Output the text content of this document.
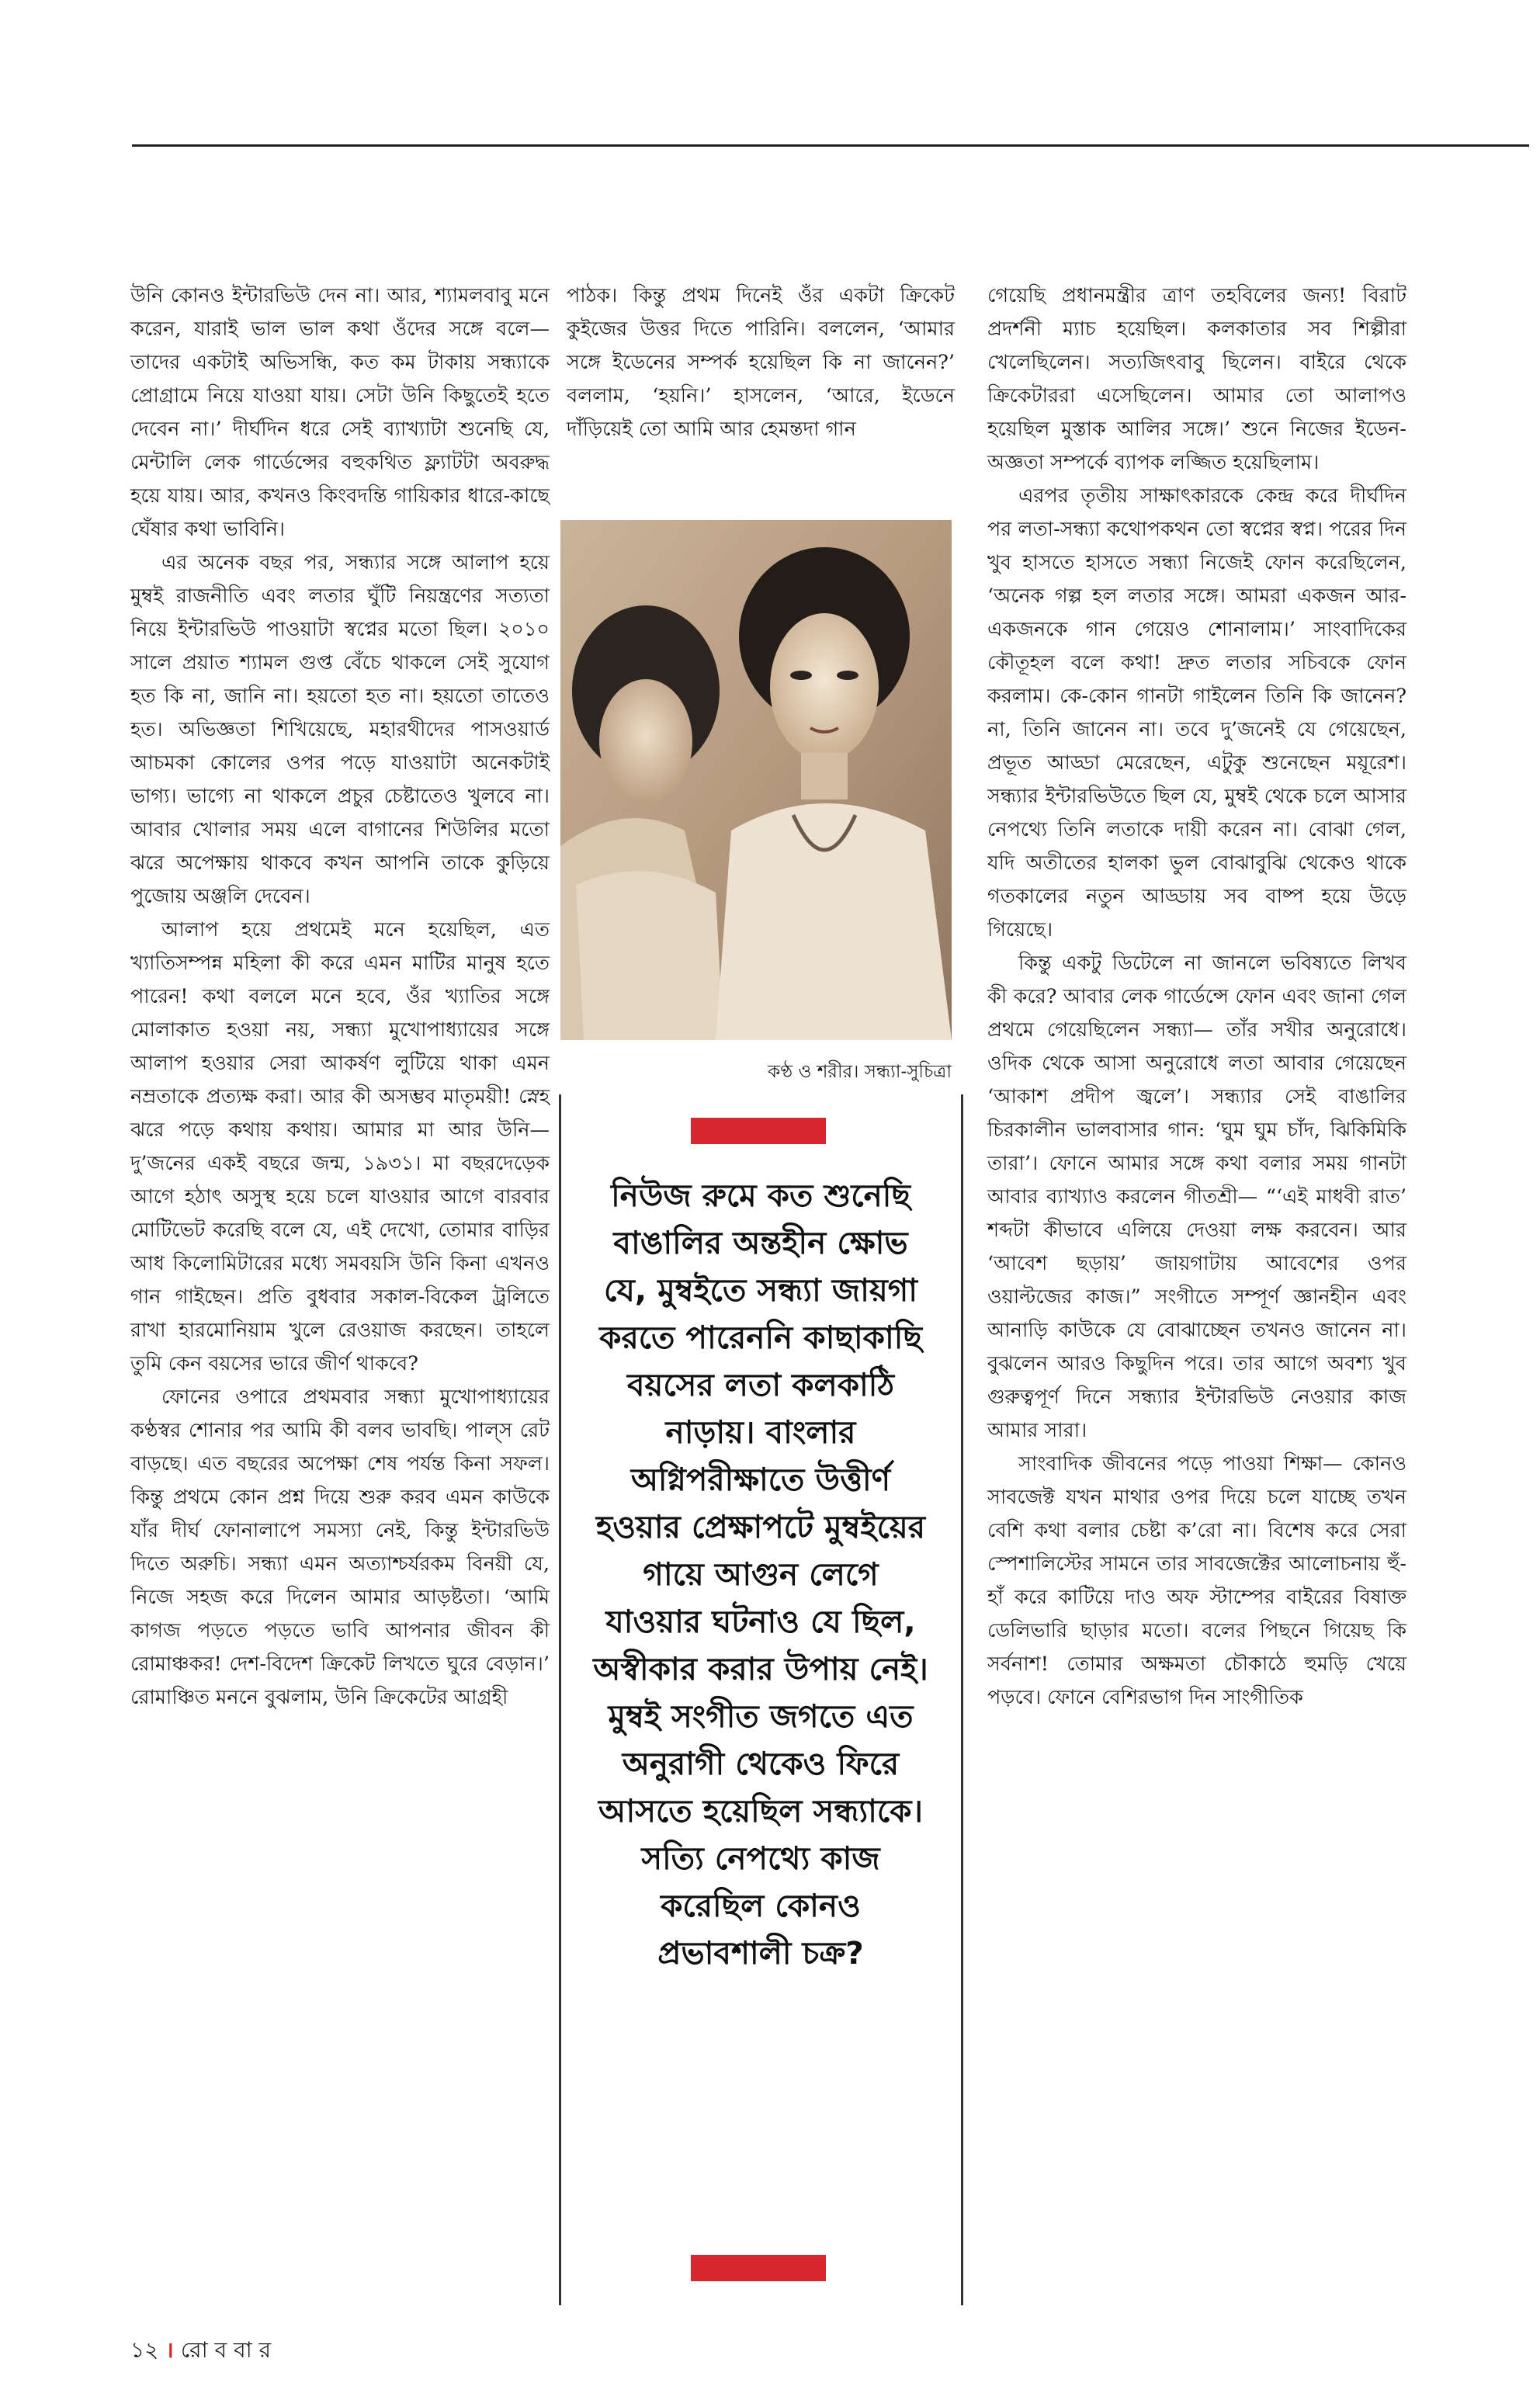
উনি কোনও ইন্টারভিউ দেন না। আর, শ্যামলবাবু মনে করেন, যারাই ভাল ভাল কথা ওঁদের সঙ্গে বলে— তাদের একটাই অভিসন্ধি, কত কম টাকায় সন্ধ্যাকে প্রোগ্রামে নিয়ে যাওয়া যায়। সেটা উনি কিছুতেই হতে দেবেন না।’ দীর্ঘদিন ধরে সেই ব্যাখ্যাটা শুনেছি যে, মেন্টালি লেক গার্ডেন্সের বহুকথিত ফ্ল্যাটটা অবরুদ্ধ হয়ে যায়। আর, কখনও কিংবদন্তি গায়িকার ধারে-কাছে ঘেঁষার কথা ভাবিনি।

এর অনেক বছর পর, সন্ধ্যার সঙ্গে আলাপ হয়ে মুম্বই রাজনীতি এবং লতার ঘুঁটি নিয়ন্ত্রণের সত্যতা নিয়ে ইন্টারভিউ পাওয়াটা স্বপ্নের মতো ছিল। ২০১০ সালে প্রয়াত শ্যামল গুপ্ত বেঁচে থাকলে সেই সুযোগ হত কি না, জানি না। হয়তো হত না। হয়তো তাতেও হত। অভিজ্ঞতা শিখিয়েছে, মহারথীদের পাসওয়ার্ড আচমকা কোলের ওপর পড়ে যাওয়াটা অনেকটাই ভাগ্য। ভাগ্যে না থাকলে প্রচুর চেষ্টাতেও খুলবে না। আবার খোলার সময় এলে বাগানের শিউলির মতো ঝরে অপেক্ষায় থাকবে কখন আপনি তাকে কুড়িয়ে পুজোয় অঞ্জলি দেবেন।

আলাপ হয়ে প্রথমেই মনে হয়েছিল, এত খ্যাতিসম্পন্ন মহিলা কী করে এমন মাটির মানুষ হতে পারেন! কথা বললে মনে হবে, ওঁর খ্যাতির সঙ্গে মোলাকাত হওয়া নয়, সন্ধ্যা মুখোপাধ্যায়ের সঙ্গে আলাপ হওয়ার সেরা আকর্ষণ লুটিয়ে থাকা এমন নম্রতাকে প্রত্যক্ষ করা। আর কী অসম্ভব মাতৃময়ী! স্নেহ ঝরে পড়ে কথায় কথায়। আমার মা আর উনি— দু’জনের একই বছরে জন্ম, ১৯৩১। মা বছরদেড়েক আগে হঠাৎ অসুস্থ হয়ে চলে যাওয়ার আগে বারবার মোটিভেট করেছি বলে যে, এই দেখো, তোমার বাড়ির আধ কিলোমিটারের মধ্যে সমবয়সি উনি কিনা এখনও গান গাইছেন। প্রতি বুধবার সকাল-বিকেল ট্রলিতে রাখা হারমোনিয়াম খুলে রেওয়াজ করছেন। তাহলে তুমি কেন বয়সের ভারে জীর্ণ থাকবে?

ফোনের ওপারে প্রথমবার সন্ধ্যা মুখোপাধ্যায়ের কণ্ঠস্বর শোনার পর আমি কী বলব ভাবছি। পাল্স রেট বাড়ছে। এত বছরের অপেক্ষা শেষ পর্যন্ত কিনা সফল। কিন্তু প্রথমে কোন প্রশ্ন দিয়ে শুরু করব এমন কাউকে যাঁর দীর্ঘ ফোনালাপে সমস্যা নেই, কিন্তু ইন্টারভিউ দিতে অরুচি। সন্ধ্যা এমন অত্যাশ্চর্যরকম বিনয়ী যে, নিজে সহজ করে দিলেন আমার আড়ষ্টতা। ‘আমি কাগজ পড়তে পড়তে ভাবি আপনার জীবন কী রোমাঞ্চকর! দেশ-বিদেশ ক্রিকেট লিখতে ঘুরে বেড়ান।’ রোমাঞ্চিত মননে বুঝলাম, উনি ক্রিকেটের আগ্রহী

পাঠক। কিন্তু প্রথম দিনেই ওঁর একটা ক্রিকেট কুইজের উত্তর দিতে পারিনি। বললেন, ‘আমার সঙ্গে ইডেনের সম্পর্ক হয়েছিল কি না জানেন?’ বললাম, ‘হয়নি।’ হাসলেন, ‘আরে, ইডেনে দাঁড়িয়েই তো আমি আর হেমন্তদা গান

কণ্ঠ ও শরীর। সন্ধ্যা-সুচিত্রা
নিউজ রুমে কত শুনেছি বাঙালির অন্তহীন ক্ষোভ যে, মুম্বইতে সন্ধ্যা জায়গা করতে পারেননি কাছাকাছি বয়সের লতা কলকাঠি নাড়ায়। বাংলার অগ্নিপরীক্ষাতে উত্তীর্ণ হওয়ার প্রেক্ষাপটে মুম্বইয়ের গায়ে আগুন লেগে যাওয়ার ঘটনাও যে ছিল, অস্বীকার করার উপায় নেই। মুম্বই সংগীত জগতে এত অনুরাগী থেকেও ফিরে আসতে হয়েছিল সন্ধ্যাকে। সত্যি নেপথ্যে কাজ করেছিল কোনও প্রভাবশালী চক্র?

গেয়েছি প্রধানমন্ত্রীর ত্রাণ তহবিলের জন্য! বিরাট প্রদর্শনী ম্যাচ হয়েছিল। কলকাতার সব শিল্পীরা খেলেছিলেন। সত্যজিৎবাবু ছিলেন। বাইরে থেকে ক্রিকেটাররা এসেছিলেন। আমার তো আলাপও হয়েছিল মুস্তাক আলির সঙ্গে।’ শুনে নিজের ইডেন-অজ্ঞতা সম্পর্কে ব্যাপক লজ্জিত হয়েছিলাম।

এরপর তৃতীয় সাক্ষাৎকারকে কেন্দ্র করে দীর্ঘদিন পর লতা-সন্ধ্যা কথোপকথন তো স্বপ্নের স্বপ্ন। পরের দিন খুব হাসতে হাসতে সন্ধ্যা নিজেই ফোন করেছিলেন, ‘অনেক গল্প হল লতার সঙ্গে। আমরা একজন আর-একজনকে গান গেয়েও শোনালাম।’ সাংবাদিকের কৌতূহল বলে কথা! দ্রুত লতার সচিবকে ফোন করলাম। কে-কোন গানটা গাইলেন তিনি কি জানেন? না, তিনি জানেন না। তবে দু’জনেই যে গেয়েছেন, প্রভূত আড্ডা মেরেছেন, এটুকু শুনেছেন ময়ূরেশ। সন্ধ্যার ইন্টারভিউতে ছিল যে, মুম্বই থেকে চলে আসার নেপথ্যে তিনি লতাকে দায়ী করেন না। বোঝা গেল, যদি অতীতের হালকা ভুল বোঝাবুঝি থেকেও থাকে গতকালের নতুন আড্ডায় সব বাষ্প হয়ে উড়ে গিয়েছে।

কিন্তু একটু ডিটেলে না জানলে ভবিষ্যতে লিখব কী করে? আবার লেক গার্ডেন্সে ফোন এবং জানা গেল প্রথমে গেয়েছিলেন সন্ধ্যা— তাঁর সখীর অনুরোধে। ওদিক থেকে আসা অনুরোধে লতা আবার গেয়েছেন ‘আকাশ প্রদীপ জ্বলে’। সন্ধ্যার সেই বাঙালির চিরকালীন ভালবাসার গান: ‘ঘুম ঘুম চাঁদ, ঝিকিমিকি তারা’। ফোনে আমার সঙ্গে কথা বলার সময় গানটা আবার ব্যাখ্যাও করলেন গীতশ্রী— “‘এই মাধবী রাত’ শব্দটা কীভাবে এলিয়ে দেওয়া লক্ষ করবেন। আর ‘আবেশ ছড়ায়’ জায়গাটায় আবেশের ওপর ওয়াল্টজের কাজ।” সংগীতে সম্পূর্ণ জ্ঞানহীন এবং আনাড়ি কাউকে যে বোঝাচ্ছেন তখনও জানেন না। বুঝলেন আরও কিছুদিন পরে। তার আগে অবশ্য খুব গুরুত্বপূর্ণ দিনে সন্ধ্যার ইন্টারভিউ নেওয়ার কাজ আমার সারা।

সাংবাদিক জীবনের পড়ে পাওয়া শিক্ষা— কোনও সাবজেক্ট যখন মাথার ওপর দিয়ে চলে যাচ্ছে তখন বেশি কথা বলার চেষ্টা ক’রো না। বিশেষ করে সেরা স্পেশালিস্টের সামনে তার সাবজেক্টের আলোচনায় হুঁ-হাঁ করে কাটিয়ে দাও অফ স্টাম্পের বাইরের বিষাক্ত ডেলিভারি ছাড়ার মতো। বলের পিছনে গিয়েছ কি সর্বনাশ! তোমার অক্ষমতা চৌকাঠে হুমড়ি খেয়ে পড়বে। ফোনে বেশিরভাগ দিন সাংগীতিক

১২ । রো ব বা র
